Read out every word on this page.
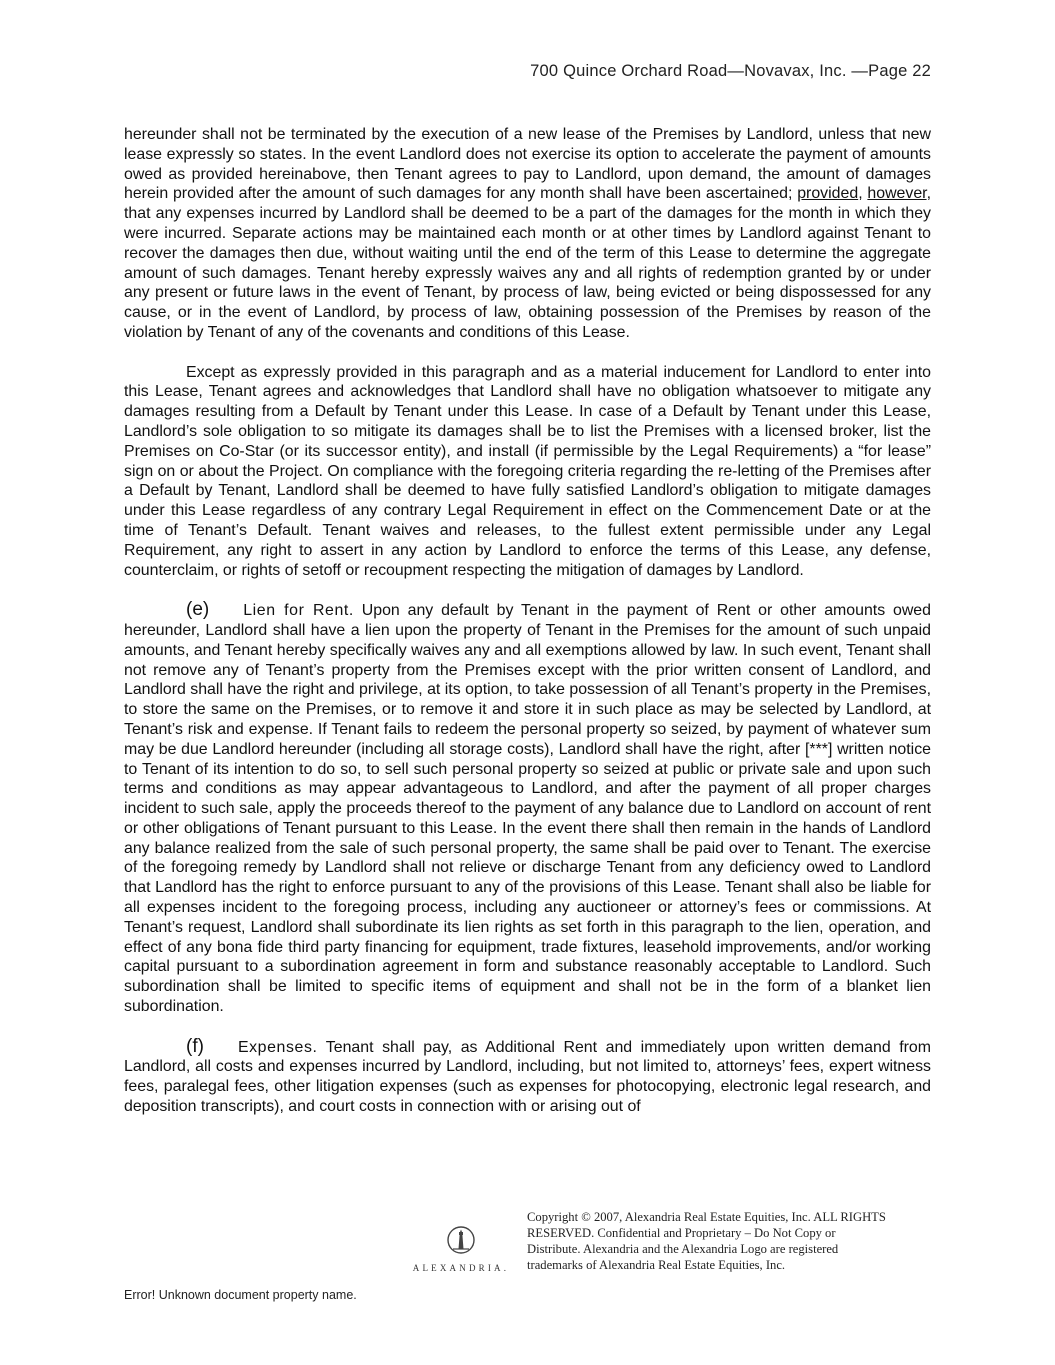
700 Quince Orchard Road—Novavax, Inc. —Page 22

hereunder shall not be terminated by the execution of a new lease of the Premises by Landlord, unless that new lease expressly so states. In the event Landlord does not exercise its option to accelerate the payment of amounts owed as provided hereinabove, then Tenant agrees to pay to Landlord, upon demand, the amount of damages herein provided after the amount of such damages for any month shall have been ascertained; provided, however, that any expenses incurred by Landlord shall be deemed to be a part of the damages for the month in which they were incurred. Separate actions may be maintained each month or at other times by Landlord against Tenant to recover the damages then due, without waiting until the end of the term of this Lease to determine the aggregate amount of such damages. Tenant hereby expressly waives any and all rights of redemption granted by or under any present or future laws in the event of Tenant, by process of law, being evicted or being dispossessed for any cause, or in the event of Landlord, by process of law, obtaining possession of the Premises by reason of the violation by Tenant of any of the covenants and conditions of this Lease.

Except as expressly provided in this paragraph and as a material inducement for Landlord to enter into this Lease, Tenant agrees and acknowledges that Landlord shall have no obligation whatsoever to mitigate any damages resulting from a Default by Tenant under this Lease. In case of a Default by Tenant under this Lease, Landlord’s sole obligation to so mitigate its damages shall be to list the Premises with a licensed broker, list the Premises on Co-Star (or its successor entity), and install (if permissible by the Legal Requirements) a “for lease” sign on or about the Project. On compliance with the foregoing criteria regarding the re-letting of the Premises after a Default by Tenant, Landlord shall be deemed to have fully satisfied Landlord’s obligation to mitigate damages under this Lease regardless of any contrary Legal Requirement in effect on the Commencement Date or at the time of Tenant’s Default. Tenant waives and releases, to the fullest extent permissible under any Legal Requirement, any right to assert in any action by Landlord to enforce the terms of this Lease, any defense, counterclaim, or rights of setoff or recoupment respecting the mitigation of damages by Landlord.

(e) Lien for Rent. Upon any default by Tenant in the payment of Rent or other amounts owed hereunder, Landlord shall have a lien upon the property of Tenant in the Premises for the amount of such unpaid amounts, and Tenant hereby specifically waives any and all exemptions allowed by law. In such event, Tenant shall not remove any of Tenant’s property from the Premises except with the prior written consent of Landlord, and Landlord shall have the right and privilege, at its option, to take possession of all Tenant’s property in the Premises, to store the same on the Premises, or to remove it and store it in such place as may be selected by Landlord, at Tenant’s risk and expense. If Tenant fails to redeem the personal property so seized, by payment of whatever sum may be due Landlord hereunder (including all storage costs), Landlord shall have the right, after [***] written notice to Tenant of its intention to do so, to sell such personal property so seized at public or private sale and upon such terms and conditions as may appear advantageous to Landlord, and after the payment of all proper charges incident to such sale, apply the proceeds thereof to the payment of any balance due to Landlord on account of rent or other obligations of Tenant pursuant to this Lease. In the event there shall then remain in the hands of Landlord any balance realized from the sale of such personal property, the same shall be paid over to Tenant. The exercise of the foregoing remedy by Landlord shall not relieve or discharge Tenant from any deficiency owed to Landlord that Landlord has the right to enforce pursuant to any of the provisions of this Lease. Tenant shall also be liable for all expenses incident to the foregoing process, including any auctioneer or attorney’s fees or commissions. At Tenant’s request, Landlord shall subordinate its lien rights as set forth in this paragraph to the lien, operation, and effect of any bona fide third party financing for equipment, trade fixtures, leasehold improvements, and/or working capital pursuant to a subordination agreement in form and substance reasonably acceptable to Landlord. Such subordination shall be limited to specific items of equipment and shall not be in the form of a blanket lien subordination.

(f) Expenses. Tenant shall pay, as Additional Rent and immediately upon written demand from Landlord, all costs and expenses incurred by Landlord, including, but not limited to, attorneys’ fees, expert witness fees, paralegal fees, other litigation expenses (such as expenses for photocopying, electronic legal research, and deposition transcripts), and court costs in connection with or arising out of

ALEXANDRIA.
Copyright © 2007, Alexandria Real Estate Equities, Inc. ALL RIGHTS RESERVED. Confidential and Proprietary – Do Not Copy or Distribute. Alexandria and the Alexandria Logo are registered trademarks of Alexandria Real Estate Equities, Inc.
Error! Unknown document property name.
